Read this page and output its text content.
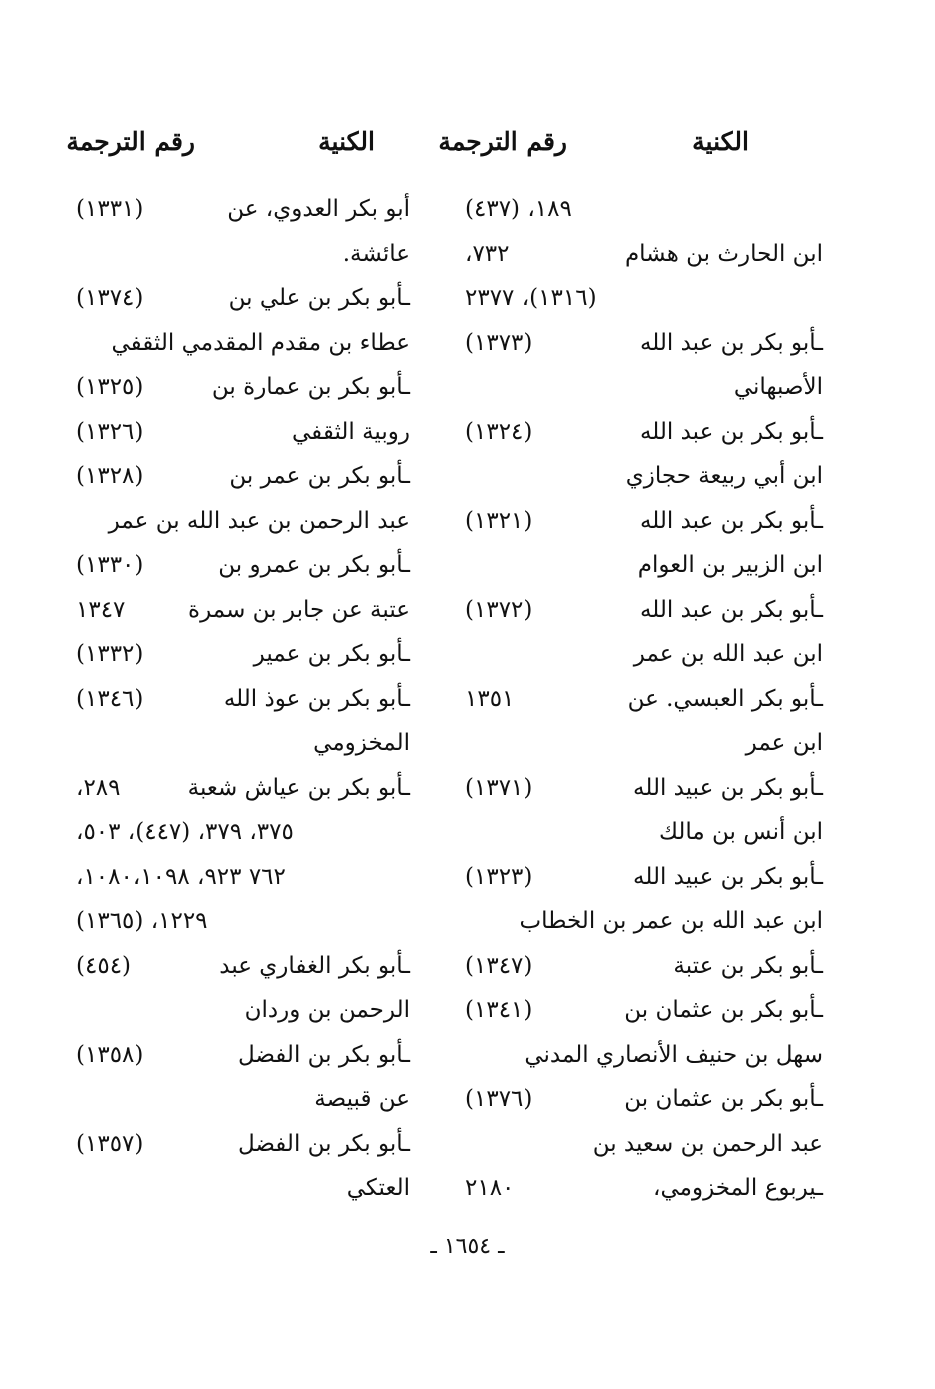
الكنية
رقم الترجمة
الكنية
رقم الترجمة
١٨٩، (٤٣٧)
ابن الحارث بن هشام
٧٣٢،
(١٣١٦)، ٢٣٧٧
ـأبو بكر بن عبد الله
(١٣٧٣)
الأصبهاني
ـأبو بكر بن عبد الله
(١٣٢٤)
ابن أبي ربيعة حجازي
ـأبو بكر بن عبد الله
(١٣٢١)
ابن الزبير بن العوام
ـأبو بكر بن عبد الله
(١٣٧٢)
ابن عبد الله بن عمر
ـأبو بكر العبسي. عن
١٣٥١
ابن عمر
ـأبو بكر بن عبيد الله
(١٣٧١)
ابن أنس بن مالك
ـأبو بكر بن عبيد الله
(١٣٢٣)
ابن عبد الله بن عمر بن الخطاب
ـأبو بكر بن عتبة
(١٣٤٧)
ـأبو بكر بن عثمان بن
(١٣٤١)
سهل بن حنيف الأنصاري المدني
ـأبو بكر بن عثمان بن
(١٣٧٦)
عبد الرحمن بن سعيد بن
ـيربوع المخزومي،
٢١٨٠
أبو بكر العدوي، عن
(١٣٣١)
عائشة.
ـأبو بكر بن علي بن
(١٣٧٤)
عطاء بن مقدم المقدمي الثقفي
ـأبو بكر بن عمارة بن
(١٣٢٥)
روبية الثقفي
(١٣٢٦)
ـأبو بكر بن عمر بن
(١٣٢٨)
عبد الرحمن بن عبد الله بن عمر
ـأبو بكر بن عمرو بن
(١٣٣٠)
عتبة عن جابر بن سمرة
١٣٤٧
ـأبو بكر بن عمير
(١٣٣٢)
ـأبو بكر بن عوذ الله
(١٣٤٦)
المخزومي
ـأبو بكر بن عياش شعبة
٢٨٩،
٣٧٥، ٣٧٩، (٤٤٧)، ٥٠٣،
٧٦٢ ٩٢٣، ١٠٨٠،١٠٩٨،
١٢٢٩، (١٣٦٥)
ـأبو بكر الغفاري عبد
(٤٥٤)
الرحمن بن وردان
ـأبو بكر بن الفضل
(١٣٥٨)
عن قبيصة
ـأبو بكر بن الفضل
(١٣٥٧)
العتكي
ـ ١٦٥٤ ـ
